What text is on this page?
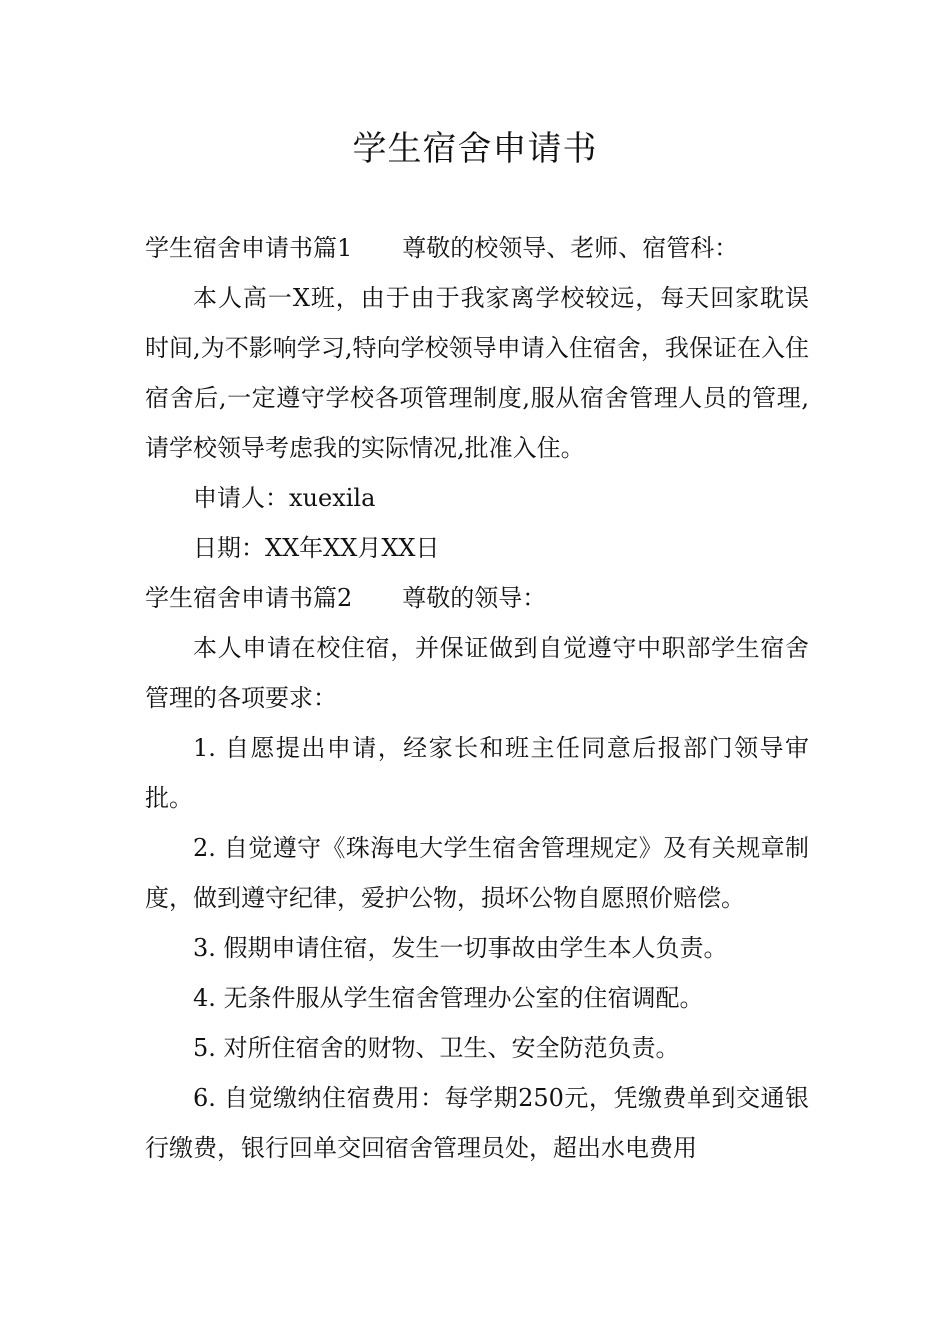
学生宿舍申请书

学生宿舍申请书篇1 尊敬的校领导、老师、宿管科：

本人高一X班，由于由于我家离学校较远，每天回家耽误时间,为不影响学习,特向学校领导申请入住宿舍，我保证在入住宿舍后,一定遵守学校各项管理制度,服从宿舍管理人员的管理,请学校领导考虑我的实际情况,批准入住。

申请人：xuexila

日期：XX年XX月XX日

学生宿舍申请书篇2 尊敬的领导：

本人申请在校住宿，并保证做到自觉遵守中职部学生宿舍管理的各项要求：

1. 自愿提出申请，经家长和班主任同意后报部门领导审批。

2. 自觉遵守《珠海电大学生宿舍管理规定》及有关规章制度，做到遵守纪律，爱护公物，损坏公物自愿照价赔偿。

3. 假期申请住宿，发生一切事故由学生本人负责。

4. 无条件服从学生宿舍管理办公室的住宿调配。

5. 对所住宿舍的财物、卫生、安全防范负责。

6. 自觉缴纳住宿费用：每学期250元，凭缴费单到交通银行缴费，银行回单交回宿舍管理员处，超出水电费用
